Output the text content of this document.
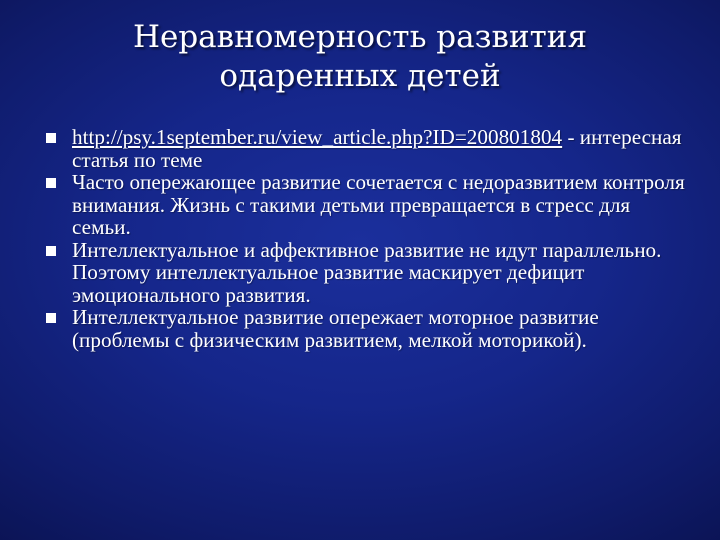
Неравномерность развития
одаренных детей
http://psy.1september.ru/view_article.php?ID=200801804 - интересная статья по теме
Часто опережающее развитие сочетается с недоразвитием контроля внимания. Жизнь с такими детьми превращается в стресс для семьи.
Интеллектуальное и аффективное развитие не идут параллельно. Поэтому интеллектуальное развитие маскирует дефицит эмоционального развития.
Интеллектуальное развитие опережает моторное развитие (проблемы с физическим развитием, мелкой моторикой).
